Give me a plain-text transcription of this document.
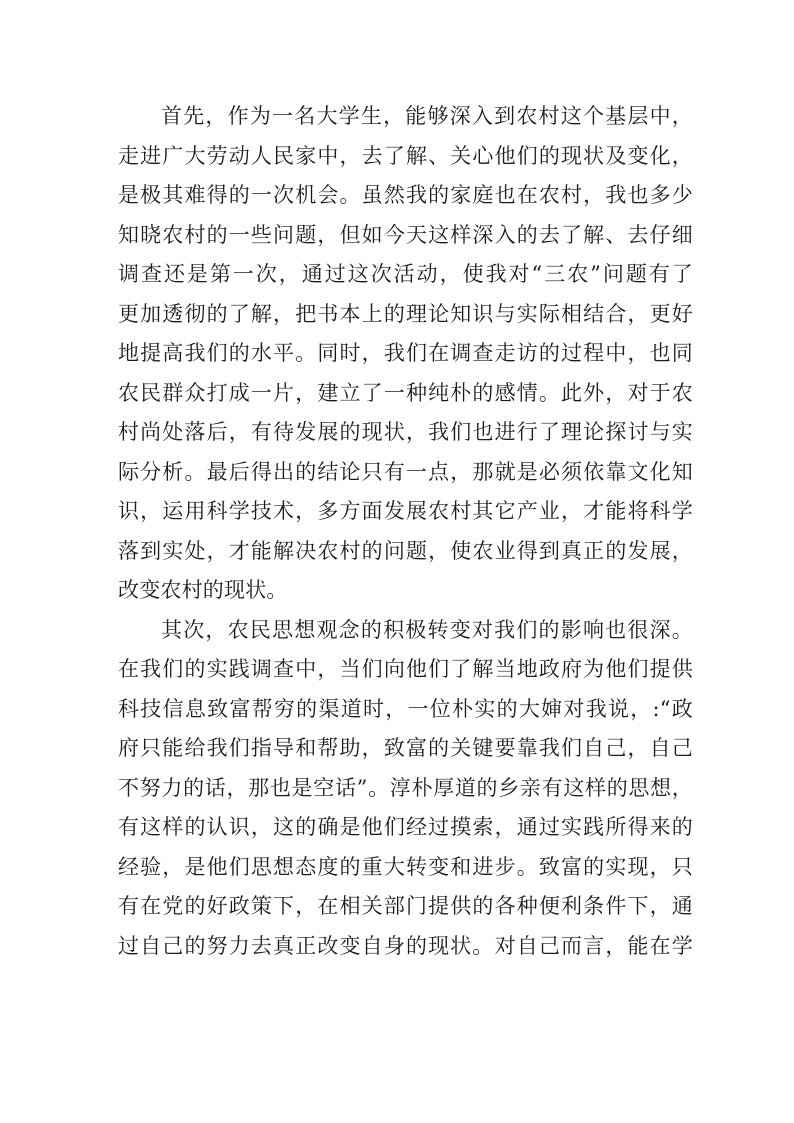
首先，作为一名大学生，能够深入到农村这个基层中，
走进广大劳动人民家中，去了解、关心他们的现状及变化，
是极其难得的一次机会。虽然我的家庭也在农村，我也多少
知晓农村的一些问题，但如今天这样深入的去了解、去仔细
调查还是第一次，通过这次活动，使我对“三农”问题有了
更加透彻的了解，把书本上的理论知识与实际相结合，更好
地提高我们的水平。同时，我们在调查走访的过程中，也同
农民群众打成一片，建立了一种纯朴的感情。此外，对于农
村尚处落后，有待发展的现状，我们也进行了理论探讨与实
际分析。最后得出的结论只有一点，那就是必须依靠文化知
识，运用科学技术，多方面发展农村其它产业，才能将科学
落到实处，才能解决农村的问题，使农业得到真正的发展，
改变农村的现状。
其次，农民思想观念的积极转变对我们的影响也很深。
在我们的实践调查中，当们向他们了解当地政府为他们提供
科技信息致富帮穷的渠道时，一位朴实的大婶对我说，:“政
府只能给我们指导和帮助，致富的关键要靠我们自己，自己
不努力的话，那也是空话”。淳朴厚道的乡亲有这样的思想，
有这样的认识，这的确是他们经过摸索，通过实践所得来的
经验，是他们思想态度的重大转变和进步。致富的实现，只
有在党的好政策下，在相关部门提供的各种便利条件下，通
过自己的努力去真正改变自身的现状。对自己而言，能在学
